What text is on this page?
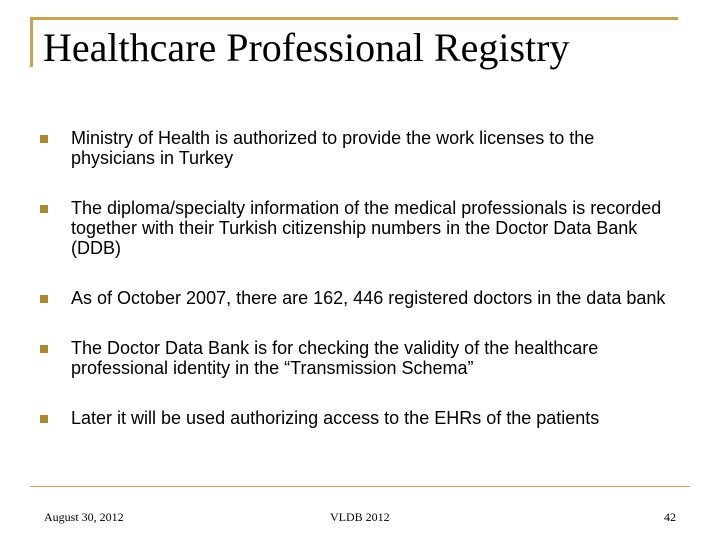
Healthcare Professional Registry
Ministry of Health is authorized to provide the work licenses to the physicians in Turkey
The diploma/specialty information of the medical professionals is recorded together with their Turkish citizenship numbers in the Doctor Data Bank (DDB)
As of October 2007, there are 162, 446 registered doctors in the data bank
The Doctor Data Bank is for checking the validity of the healthcare professional identity in the “Transmission Schema”
Later it will be used authorizing access to the EHRs of the patients
August 30, 2012	VLDB 2012	42
